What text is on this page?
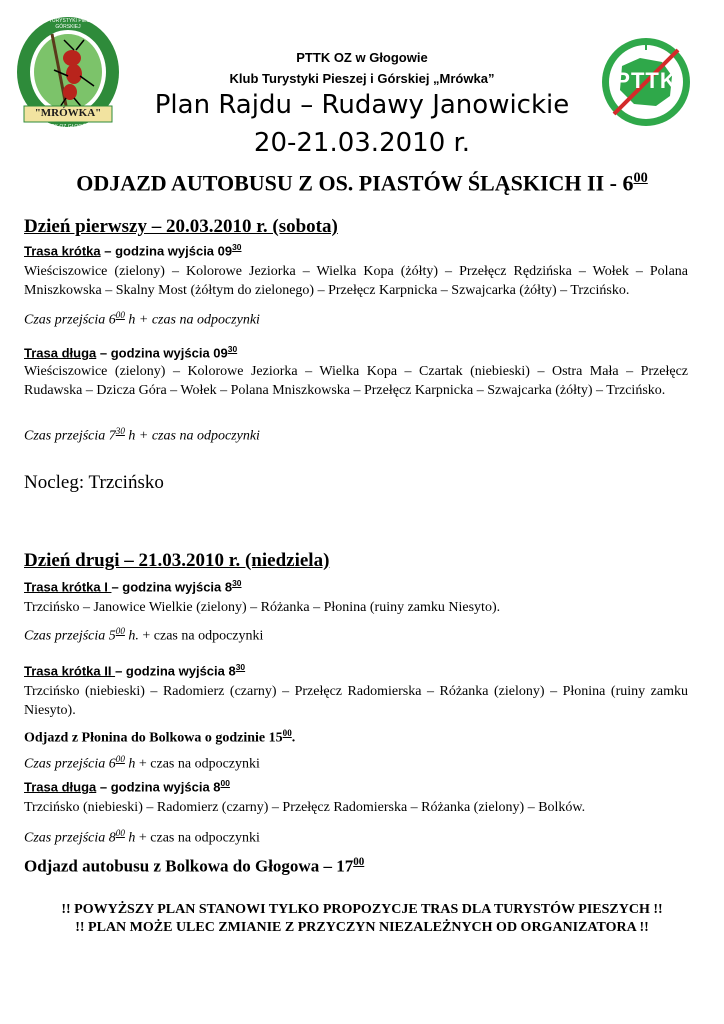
"MRÓWKA"
PTTK OZ GŁOGÓW
KLUB TURYSTYKI PIESZEJ I GÓRSKIEJ
PTTK
PTTK OZ w Głogowie
Klub Turystyki Pieszej i Górskiej „Mrówka”
Plan Rajdu – Rudawy Janowickie
20-21.03.2010 r.
ODJAZD AUTOBUSU Z OS. PIASTÓW ŚLĄSKICH II - $6^{00}$
Dzień pierwszy – 20.03.2010 r. (sobota)
Trasa krótka – godzina wyjścia $09^{30}$
Wieściszowice (zielony) – Kolorowe Jeziorka – Wielka Kopa (żółty) – Przełęcz Rędzińska – Wołek – Polana Mniszkowska – Skalny Most (żółtym do zielonego) – Przełęcz Karpnicka – Szwajcarka (żółty) – Trzcińsko.
Czas przejścia $6^{00}$ h + czas na odpoczynki
Trasa długa – godzina wyjścia $09^{30}$
Wieściszowice (zielony) – Kolorowe Jeziorka – Wielka Kopa – Czartak (niebieski) – Ostra Mała – Przełęcz Rudawska – Dzicza Góra – Wołek – Polana Mniszkowska – Przełęcz Karpnicka – Szwajcarka (żółty) – Trzcińsko.
Czas przejścia $7^{30}$ h + czas na odpoczynki
Nocleg: Trzcińsko
Dzień drugi – 21.03.2010 r. (niedziela)
Trasa krótka I – godzina wyjścia $8^{30}$
Trzcińsko – Janowice Wielkie (zielony) – Różanka – Płonina (ruiny zamku Niesyto).
Czas przejścia $5^{00}$ h. + czas na odpoczynki
Trasa krótka II – godzina wyjścia $8^{30}$
Trzcińsko (niebieski) – Radomierz (czarny) – Przełęcz Radomierska – Różanka (zielony) – Płonina (ruiny zamku Niesyto).
Odjazd z Płonina do Bolkowa o godzinie $15^{00}$.
Czas przejścia $6^{00}$ h + czas na odpoczynki
Trasa długa – godzina wyjścia $8^{00}$
Trzcińsko (niebieski) – Radomierz (czarny) – Przełęcz Radomierska – Różanka (zielony) – Bolków.
Czas przejścia $8^{00}$ h + czas na odpoczynki
Odjazd autobusu z Bolkowa do Głogowa – $17^{00}$
!! POWYŻSZY PLAN STANOWI TYLKO PROPOZYCJE TRAS DLA TURYSTÓW PIESZYCH !!
!! PLAN MOŻE ULEC ZMIANIE Z PRZYCZYN NIEZALEŻNYCH OD ORGANIZATORA !!
